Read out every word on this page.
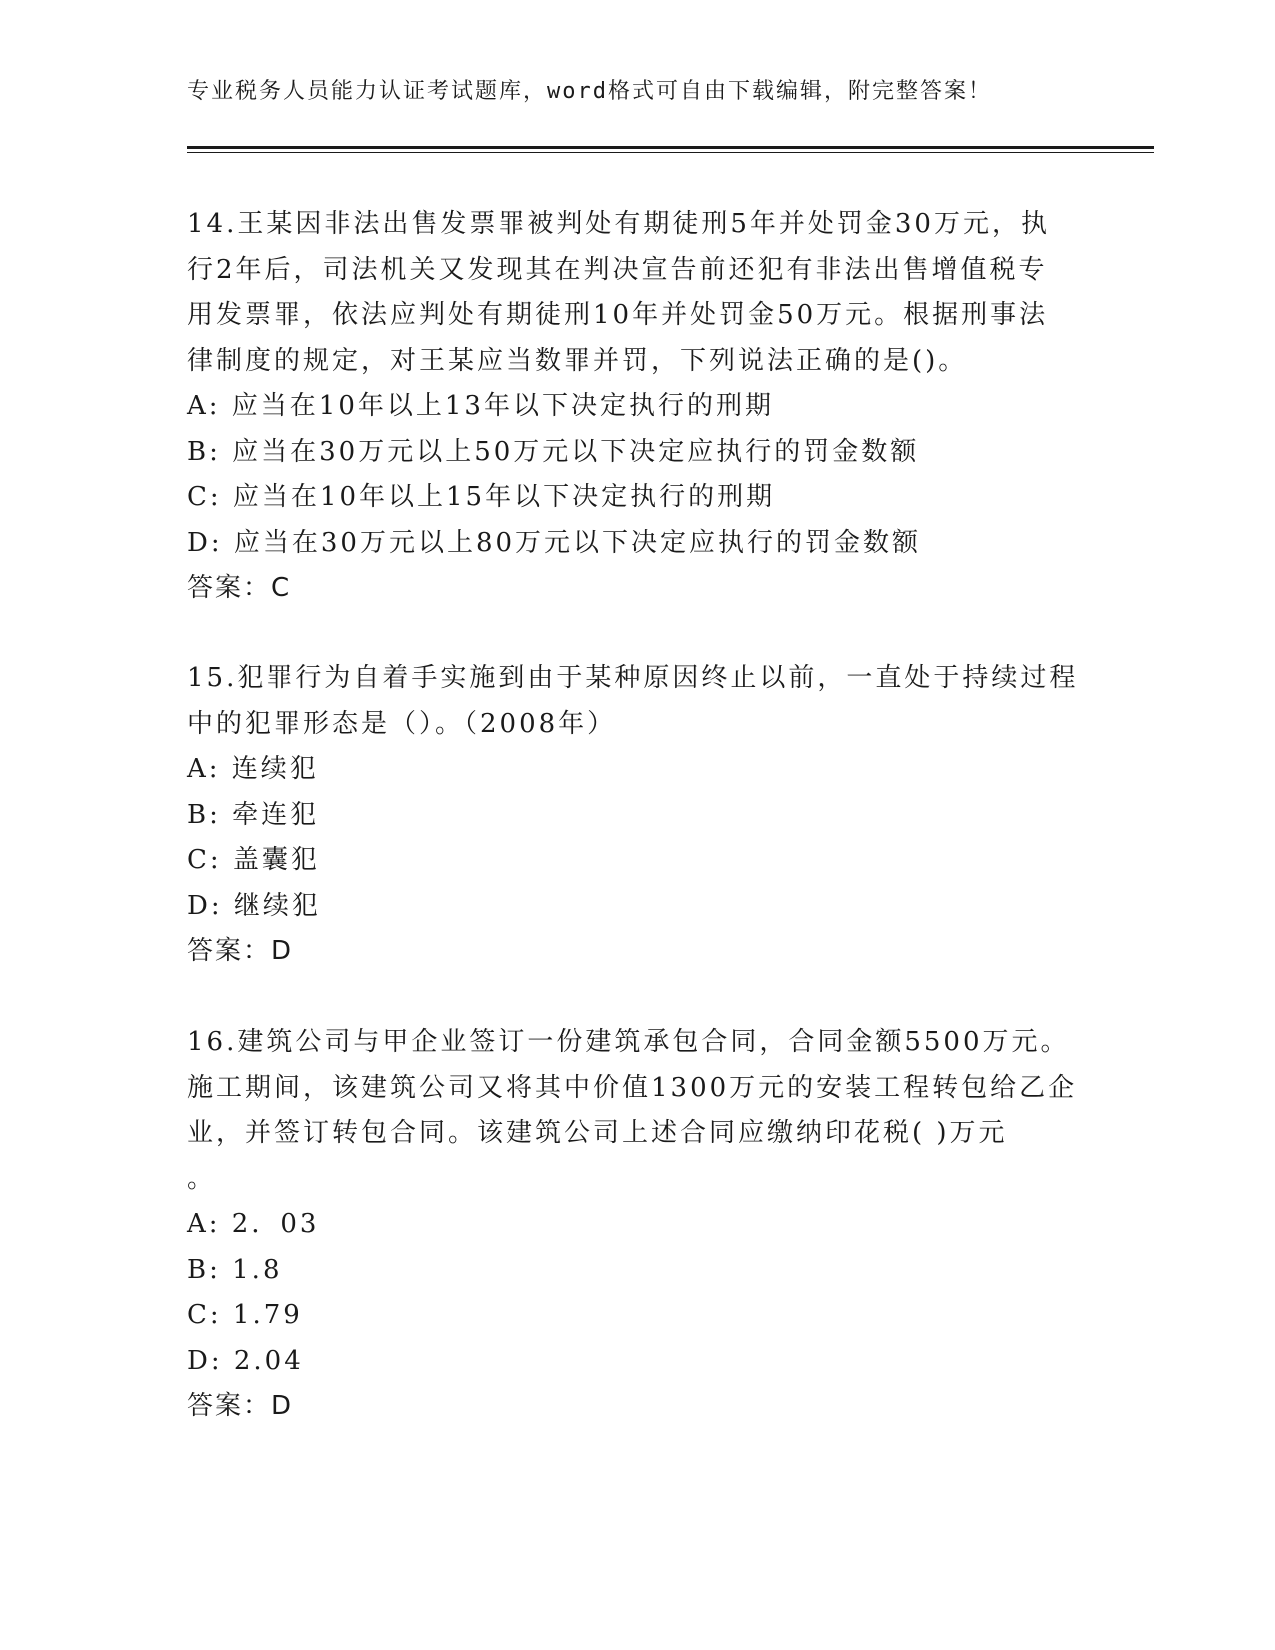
专业税务人员能力认证考试题库，word格式可自由下载编辑，附完整答案！

14.王某因非法出售发票罪被判处有期徒刑5年并处罚金30万元，执
行2年后，司法机关又发现其在判决宣告前还犯有非法出售增值税专
用发票罪，依法应判处有期徒刑10年并处罚金50万元。根据刑事法
律制度的规定，对王某应当数罪并罚，下列说法正确的是()。

A: 应当在10年以上13年以下决定执行的刑期

B: 应当在30万元以上50万元以下决定应执行的罚金数额

C: 应当在10年以上15年以下决定执行的刑期

D: 应当在30万元以上80万元以下决定应执行的罚金数额

答案：C

15.犯罪行为自着手实施到由于某种原因终止以前，一直处于持续过程
中的犯罪形态是（）。（2008年）

A: 连续犯

B: 牵连犯

C: 盖囊犯

D: 继续犯

答案：D

16.建筑公司与甲企业签订一份建筑承包合同，合同金额5500万元。
施工期间，该建筑公司又将其中价值1300万元的安装工程转包给乙企
业，并签订转包合同。该建筑公司上述合同应缴纳印花税( )万元
。

A: 2．03

B: 1.8

C: 1.79

D: 2.04

答案：D
